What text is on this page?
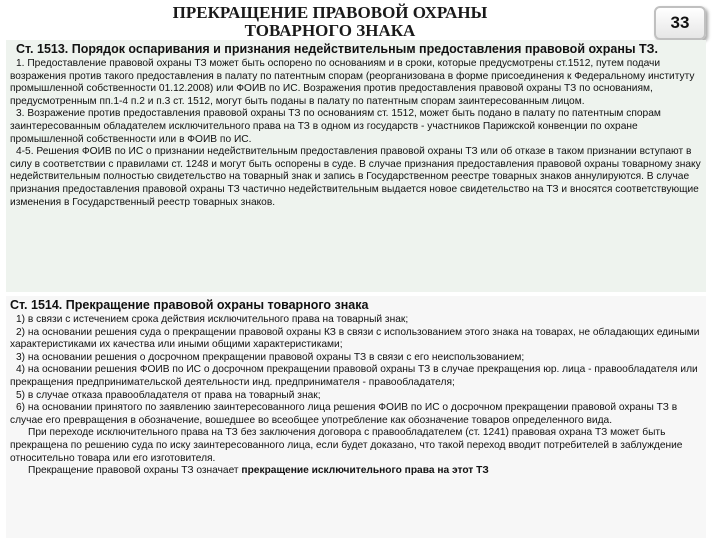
ПРЕКРАЩЕНИЕ ПРАВОВОЙ ОХРАНЫ
ТОВАРНОГО ЗНАКА	33

Ст. 1513. Порядок оспаривания и признания недействительным предоставления правовой охраны ТЗ.

1. Предоставление правовой охраны ТЗ может быть оспорено по основаниям и в сроки, которые предусмотрены ст.1512, путем подачи возражения против такого предоставления в палату по патентным спорам (реорганизована в форме присоединения к Федеральному институту промышленной собственности 01.12.2008) или ФОИВ по ИС. Возражения против предоставления правовой охраны ТЗ по основаниям, предусмотренным пп.1-4 п.2 и п.3 ст. 1512, могут быть поданы в палату по патентным спорам заинтересованным лицом.

3. Возражение против предоставления правовой охраны ТЗ по основаниям ст. 1512, может быть подано в палату по патентным спорам заинтересованным обладателем исключительного права на ТЗ в одном из государств - участников Парижской конвенции по охране промышленной собственности или в ФОИВ по ИС.

4-5. Решения ФОИВ по ИС о признании недействительным предоставления правовой охраны ТЗ или об отказе в таком признании вступают в силу в соответствии с правилами ст. 1248 и могут быть оспорены в суде. В случае признания предоставления правовой охраны товарному знаку недействительным полностью свидетельство на товарный знак и запись в Государственном реестре товарных знаков аннулируются. В случае признания предоставления правовой охраны ТЗ частично недействительным выдается новое свидетельство на ТЗ и вносятся соответствующие изменения в Государственный реестр товарных знаков.

Ст. 1514. Прекращение правовой охраны товарного знака

1) в связи с истечением срока действия исключительного права на товарный знак;

2) на основании решения суда о прекращении правовой охраны КЗ в связи с использованием этого знака на товарах, не обладающих едиными характеристиками их качества или иными общими характеристиками;

3) на основании решения о досрочном прекращении правовой охраны ТЗ в связи с его неиспользованием;

4) на основании решения ФОИВ по ИС о досрочном прекращении правовой охраны ТЗ в случае прекращения юр. лица - правообладателя или прекращения предпринимательской деятельности инд. предпринимателя - правообладателя;

5) в случае отказа правообладателя от права на товарный знак;

6) на основании принятого по заявлению заинтересованного лица решения ФОИВ по ИС о досрочном прекращении правовой охраны ТЗ в случае его превращения в обозначение, вошедшее во всеобщее употребление как обозначение товаров определенного вида.

При переходе исключительного права на ТЗ без заключения договора с правообладателем (ст. 1241) правовая охрана ТЗ может быть прекращена по решению суда по иску заинтересованного лица, если будет доказано, что такой переход вводит потребителей в заблуждение относительно товара или его изготовителя.

Прекращение правовой охраны ТЗ означает прекращение исключительного права на этот ТЗ
